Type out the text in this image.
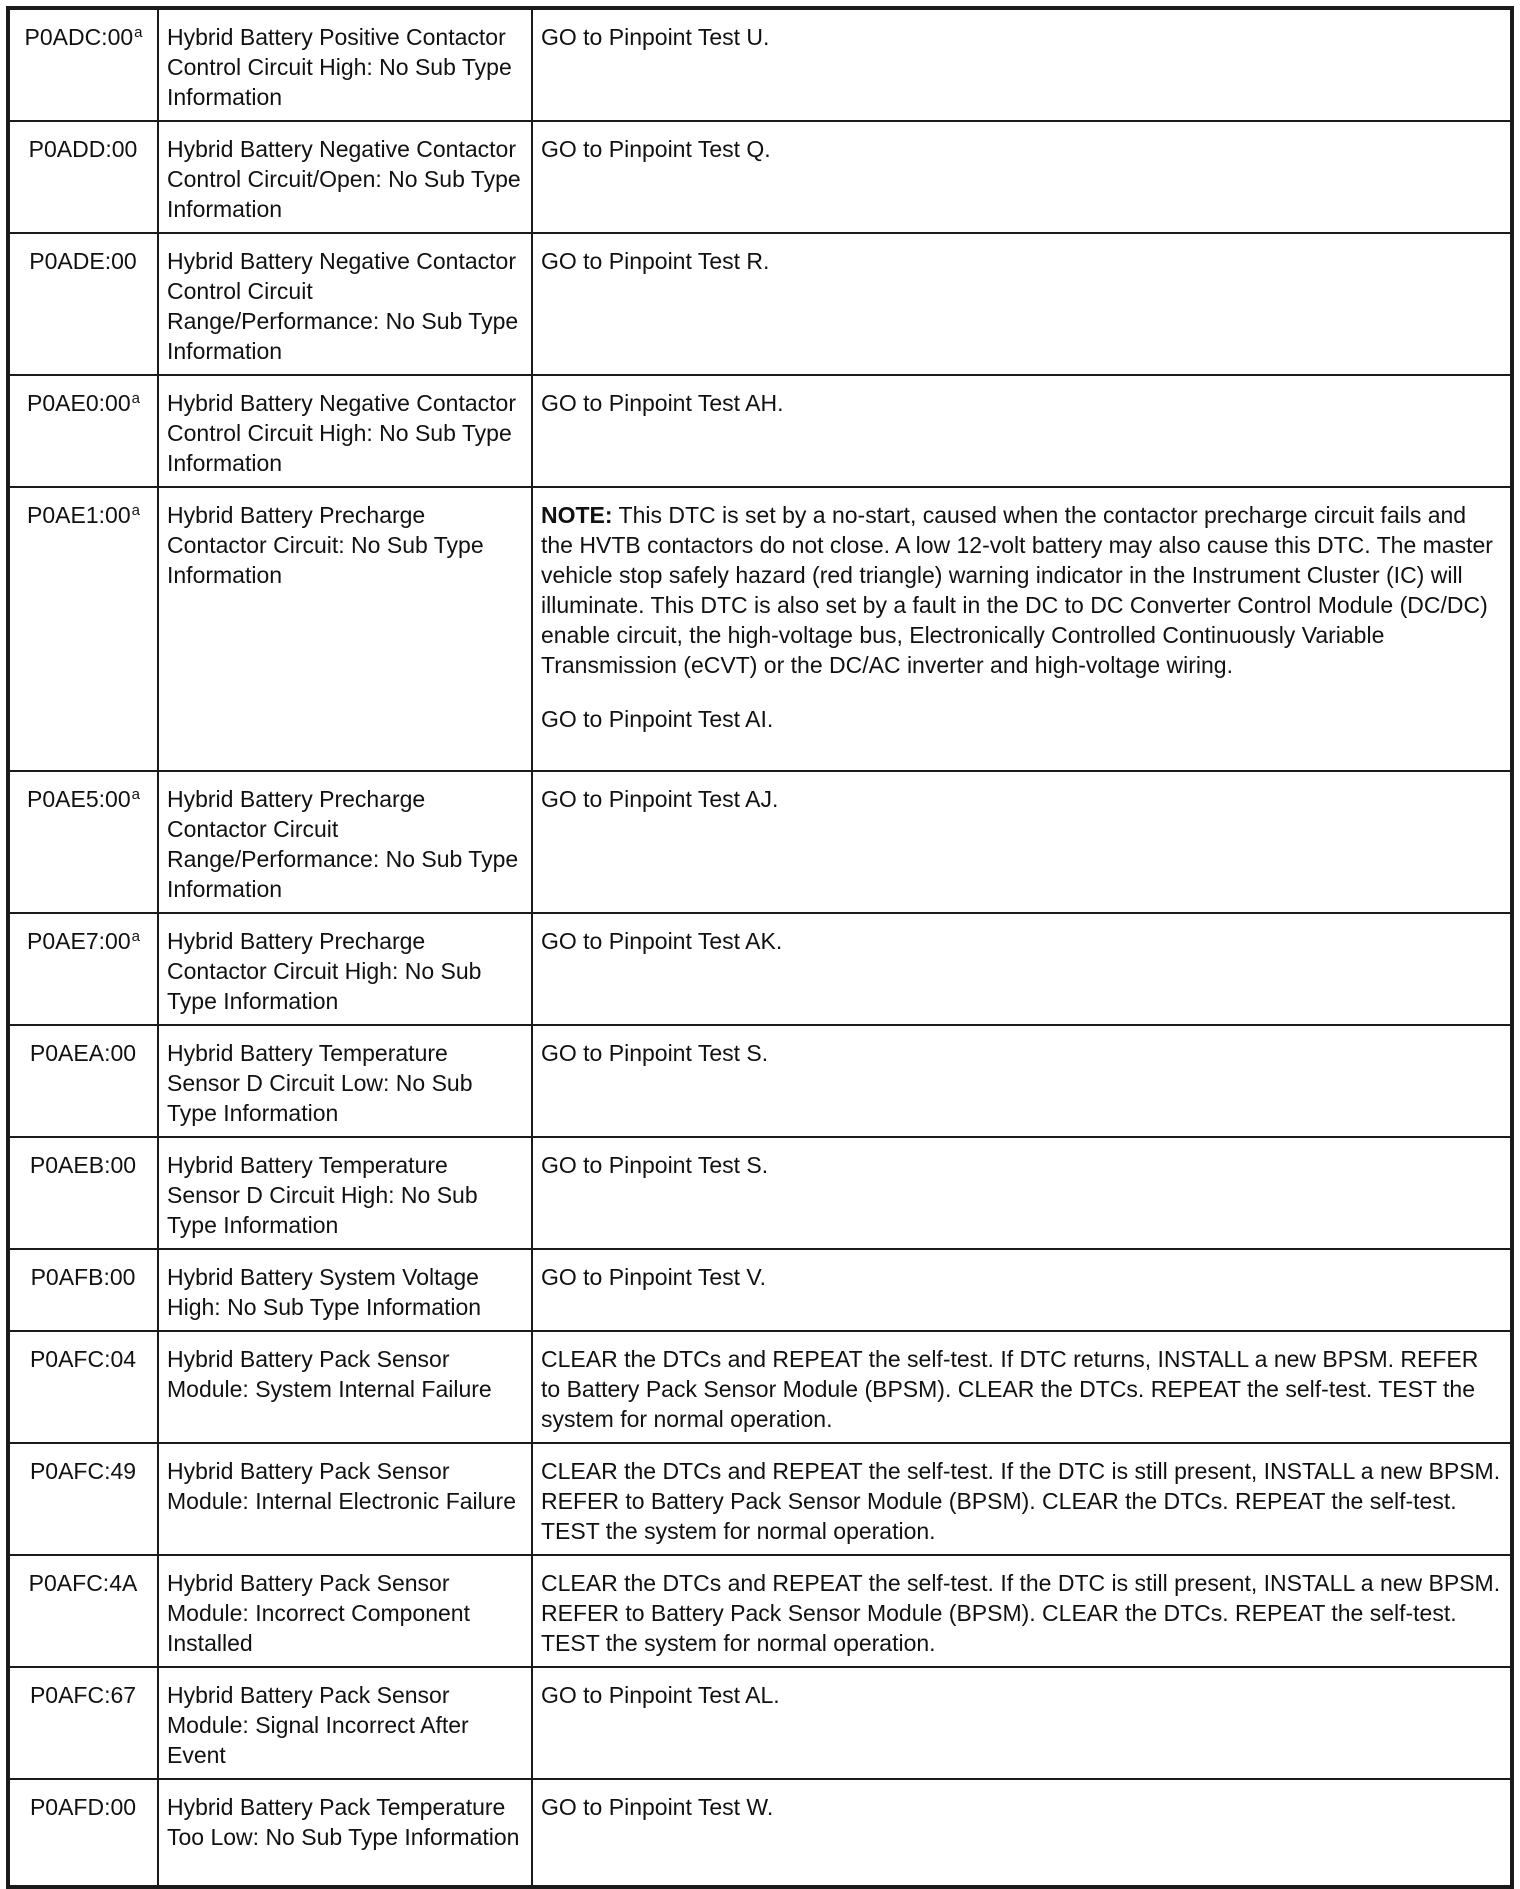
P0ADC:00$^a$	Hybrid Battery Positive Contactor Control Circuit High: No Sub Type Information	GO to Pinpoint Test U.
P0ADD:00	Hybrid Battery Negative Contactor Control Circuit/Open: No Sub Type Information	GO to Pinpoint Test Q.
P0ADE:00	Hybrid Battery Negative Contactor Control Circuit Range/Performance: No Sub Type Information	GO to Pinpoint Test R.
P0AE0:00$^a$	Hybrid Battery Negative Contactor Control Circuit High: No Sub Type Information	GO to Pinpoint Test AH.
P0AE1:00$^a$	Hybrid Battery Precharge Contactor Circuit: No Sub Type Information	NOTE: This DTC is set by a no-start, caused when the contactor precharge circuit fails and the HVTB contactors do not close. A low 12-volt battery may also cause this DTC. The master vehicle stop safely hazard (red triangle) warning indicator in the Instrument Cluster (IC) will illuminate. This DTC is also set by a fault in the DC to DC Converter Control Module (DC/DC) enable circuit, the high-voltage bus, Electronically Controlled Continuously Variable Transmission (eCVT) or the DC/AC inverter and high-voltage wiring.
GO to Pinpoint Test AI.

P0AE5:00$^a$	Hybrid Battery Precharge Contactor Circuit Range/Performance: No Sub Type Information	GO to Pinpoint Test AJ.
P0AE7:00$^a$	Hybrid Battery Precharge Contactor Circuit High: No Sub Type Information	GO to Pinpoint Test AK.
P0AEA:00	Hybrid Battery Temperature Sensor D Circuit Low: No Sub Type Information	GO to Pinpoint Test S.
P0AEB:00	Hybrid Battery Temperature Sensor D Circuit High: No Sub Type Information	GO to Pinpoint Test S.
P0AFB:00	Hybrid Battery System Voltage High: No Sub Type Information	GO to Pinpoint Test V.
P0AFC:04	Hybrid Battery Pack Sensor Module: System Internal Failure	CLEAR the DTCs and REPEAT the self-test. If DTC returns, INSTALL a new BPSM. REFER to Battery Pack Sensor Module (BPSM). CLEAR the DTCs. REPEAT the self-test. TEST the system for normal operation.
P0AFC:49	Hybrid Battery Pack Sensor Module: Internal Electronic Failure	CLEAR the DTCs and REPEAT the self-test. If the DTC is still present, INSTALL a new BPSM. REFER to Battery Pack Sensor Module (BPSM). CLEAR the DTCs. REPEAT the self-test. TEST the system for normal operation.
P0AFC:4A	Hybrid Battery Pack Sensor Module: Incorrect Component Installed	CLEAR the DTCs and REPEAT the self-test. If the DTC is still present, INSTALL a new BPSM. REFER to Battery Pack Sensor Module (BPSM). CLEAR the DTCs. REPEAT the self-test. TEST the system for normal operation.
P0AFC:67	Hybrid Battery Pack Sensor Module: Signal Incorrect After Event	GO to Pinpoint Test AL.
P0AFD:00	Hybrid Battery Pack Temperature Too Low: No Sub Type Information	GO to Pinpoint Test W.
